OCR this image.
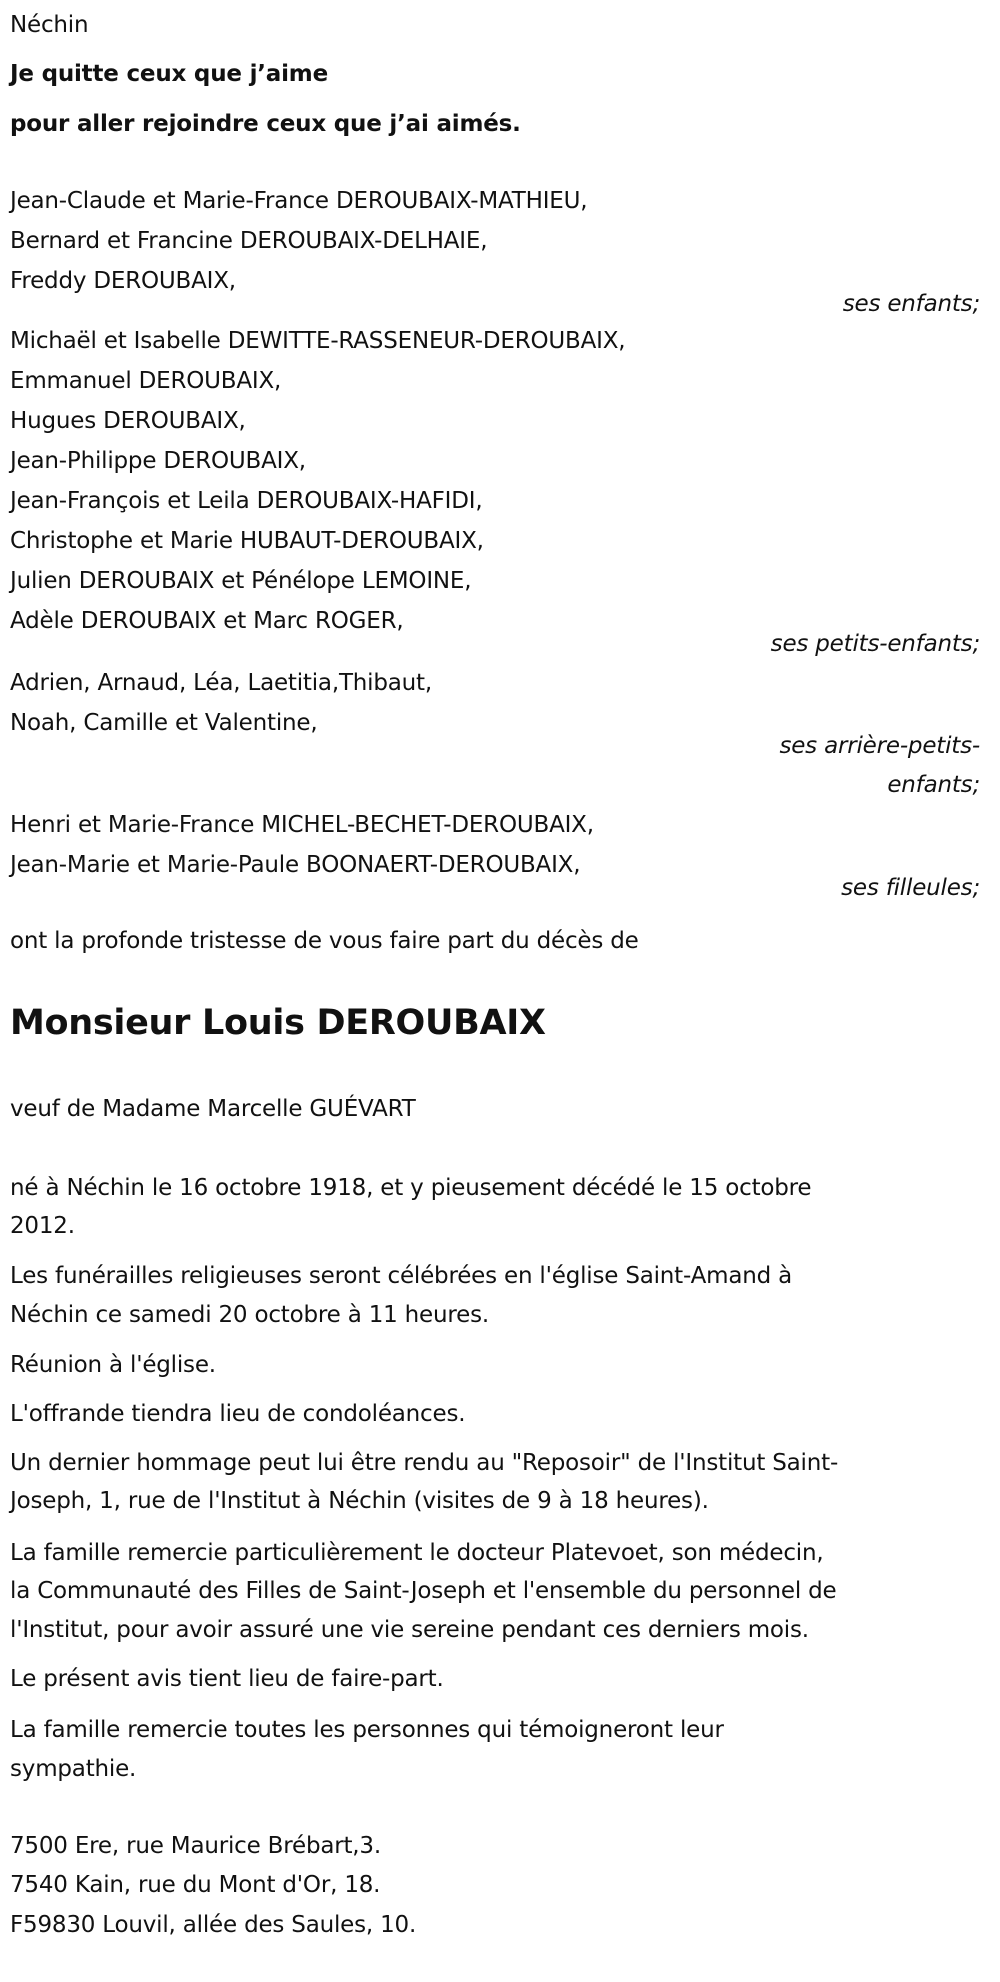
Néchin
Je quitte ceux que j’aime
pour aller rejoindre ceux que j’ai aimés.
Jean-Claude et Marie-France DEROUBAIX-MATHIEU,
Bernard et Francine DEROUBAIX-DELHAIE,
Freddy DEROUBAIX,
ses enfants;
Michaël et Isabelle DEWITTE-RASSENEUR-DEROUBAIX,
Emmanuel DEROUBAIX,
Hugues DEROUBAIX,
Jean-Philippe DEROUBAIX,
Jean-François et Leila DEROUBAIX-HAFIDI,
Christophe et Marie HUBAUT-DEROUBAIX,
Julien DEROUBAIX et Pénélope LEMOINE,
Adèle DEROUBAIX et Marc ROGER,
ses petits-enfants;
Adrien, Arnaud, Léa, Laetitia,Thibaut,
Noah, Camille et Valentine,
ses arrière-petits-
enfants;
Henri et Marie-France MICHEL-BECHET-DEROUBAIX,
Jean-Marie et Marie-Paule BOONAERT-DEROUBAIX,
ses filleules;
ont la profonde tristesse de vous faire part du décès de
Monsieur Louis DEROUBAIX
veuf de Madame Marcelle GUÉVART
né à Néchin le 16 octobre 1918, et y pieusement décédé le 15 octobre
2012.
Les funérailles religieuses seront célébrées en l'église Saint-Amand à
Néchin ce samedi 20 octobre à 11 heures.
Réunion à l'église.
L'offrande tiendra lieu de condoléances.
Un dernier hommage peut lui être rendu au "Reposoir" de l'Institut Saint-
Joseph, 1, rue de l'Institut à Néchin (visites de 9 à 18 heures).
La famille remercie particulièrement le docteur Platevoet, son médecin,
la Communauté des Filles de Saint-Joseph et l'ensemble du personnel de
l'Institut, pour avoir assuré une vie sereine pendant ces derniers mois.
Le présent avis tient lieu de faire-part.
La famille remercie toutes les personnes qui témoigneront leur
sympathie.
7500 Ere, rue Maurice Brébart,3.
7540 Kain, rue du Mont d'Or, 18.
F59830 Louvil, allée des Saules, 10.
